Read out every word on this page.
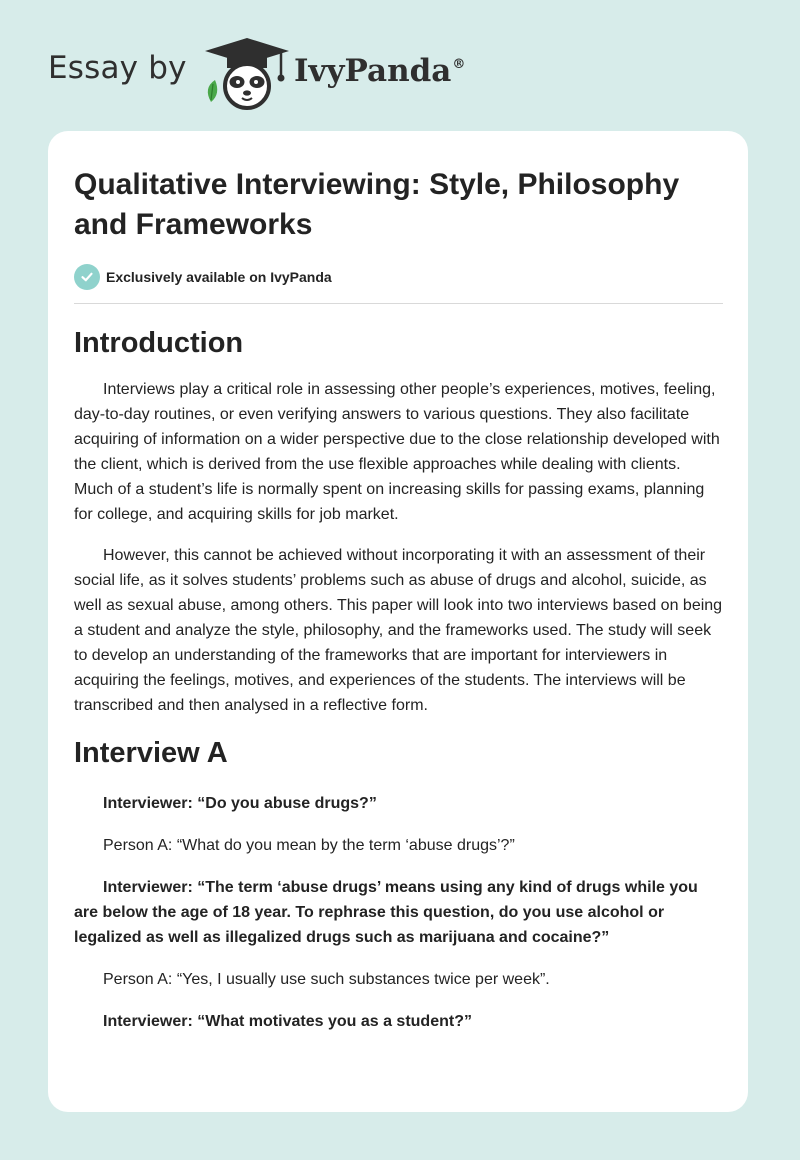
Essay by	IvyPanda®
Qualitative Interviewing: Style, Philosophy and Frameworks
Exclusively available on IvyPanda
Introduction

Interviews play a critical role in assessing other people’s experiences, motives, feeling, day-to-day routines, or even verifying answers to various questions. They also facilitate acquiring of information on a wider perspective due to the close relationship developed with the client, which is derived from the use flexible approaches while dealing with clients. Much of a student’s life is normally spent on increasing skills for passing exams, planning for college, and acquiring skills for job market.

However, this cannot be achieved without incorporating it with an assessment of their social life, as it solves students’ problems such as abuse of drugs and alcohol, suicide, as well as sexual abuse, among others. This paper will look into two interviews based on being a student and analyze the style, philosophy, and the frameworks used. The study will seek to develop an understanding of the frameworks that are important for interviewers in acquiring the feelings, motives, and experiences of the students. The interviews will be transcribed and then analysed in a reflective form.

Interview A

Interviewer: “Do you abuse drugs?”

Person A: “What do you mean by the term ‘abuse drugs’?”

Interviewer: “The term ‘abuse drugs’ means using any kind of drugs while you are below the age of 18 year. To rephrase this question, do you use alcohol or legalized as well as illegalized drugs such as marijuana and cocaine?”

Person A: “Yes, I usually use such substances twice per week”.

Interviewer: “What motivates you as a student?”
